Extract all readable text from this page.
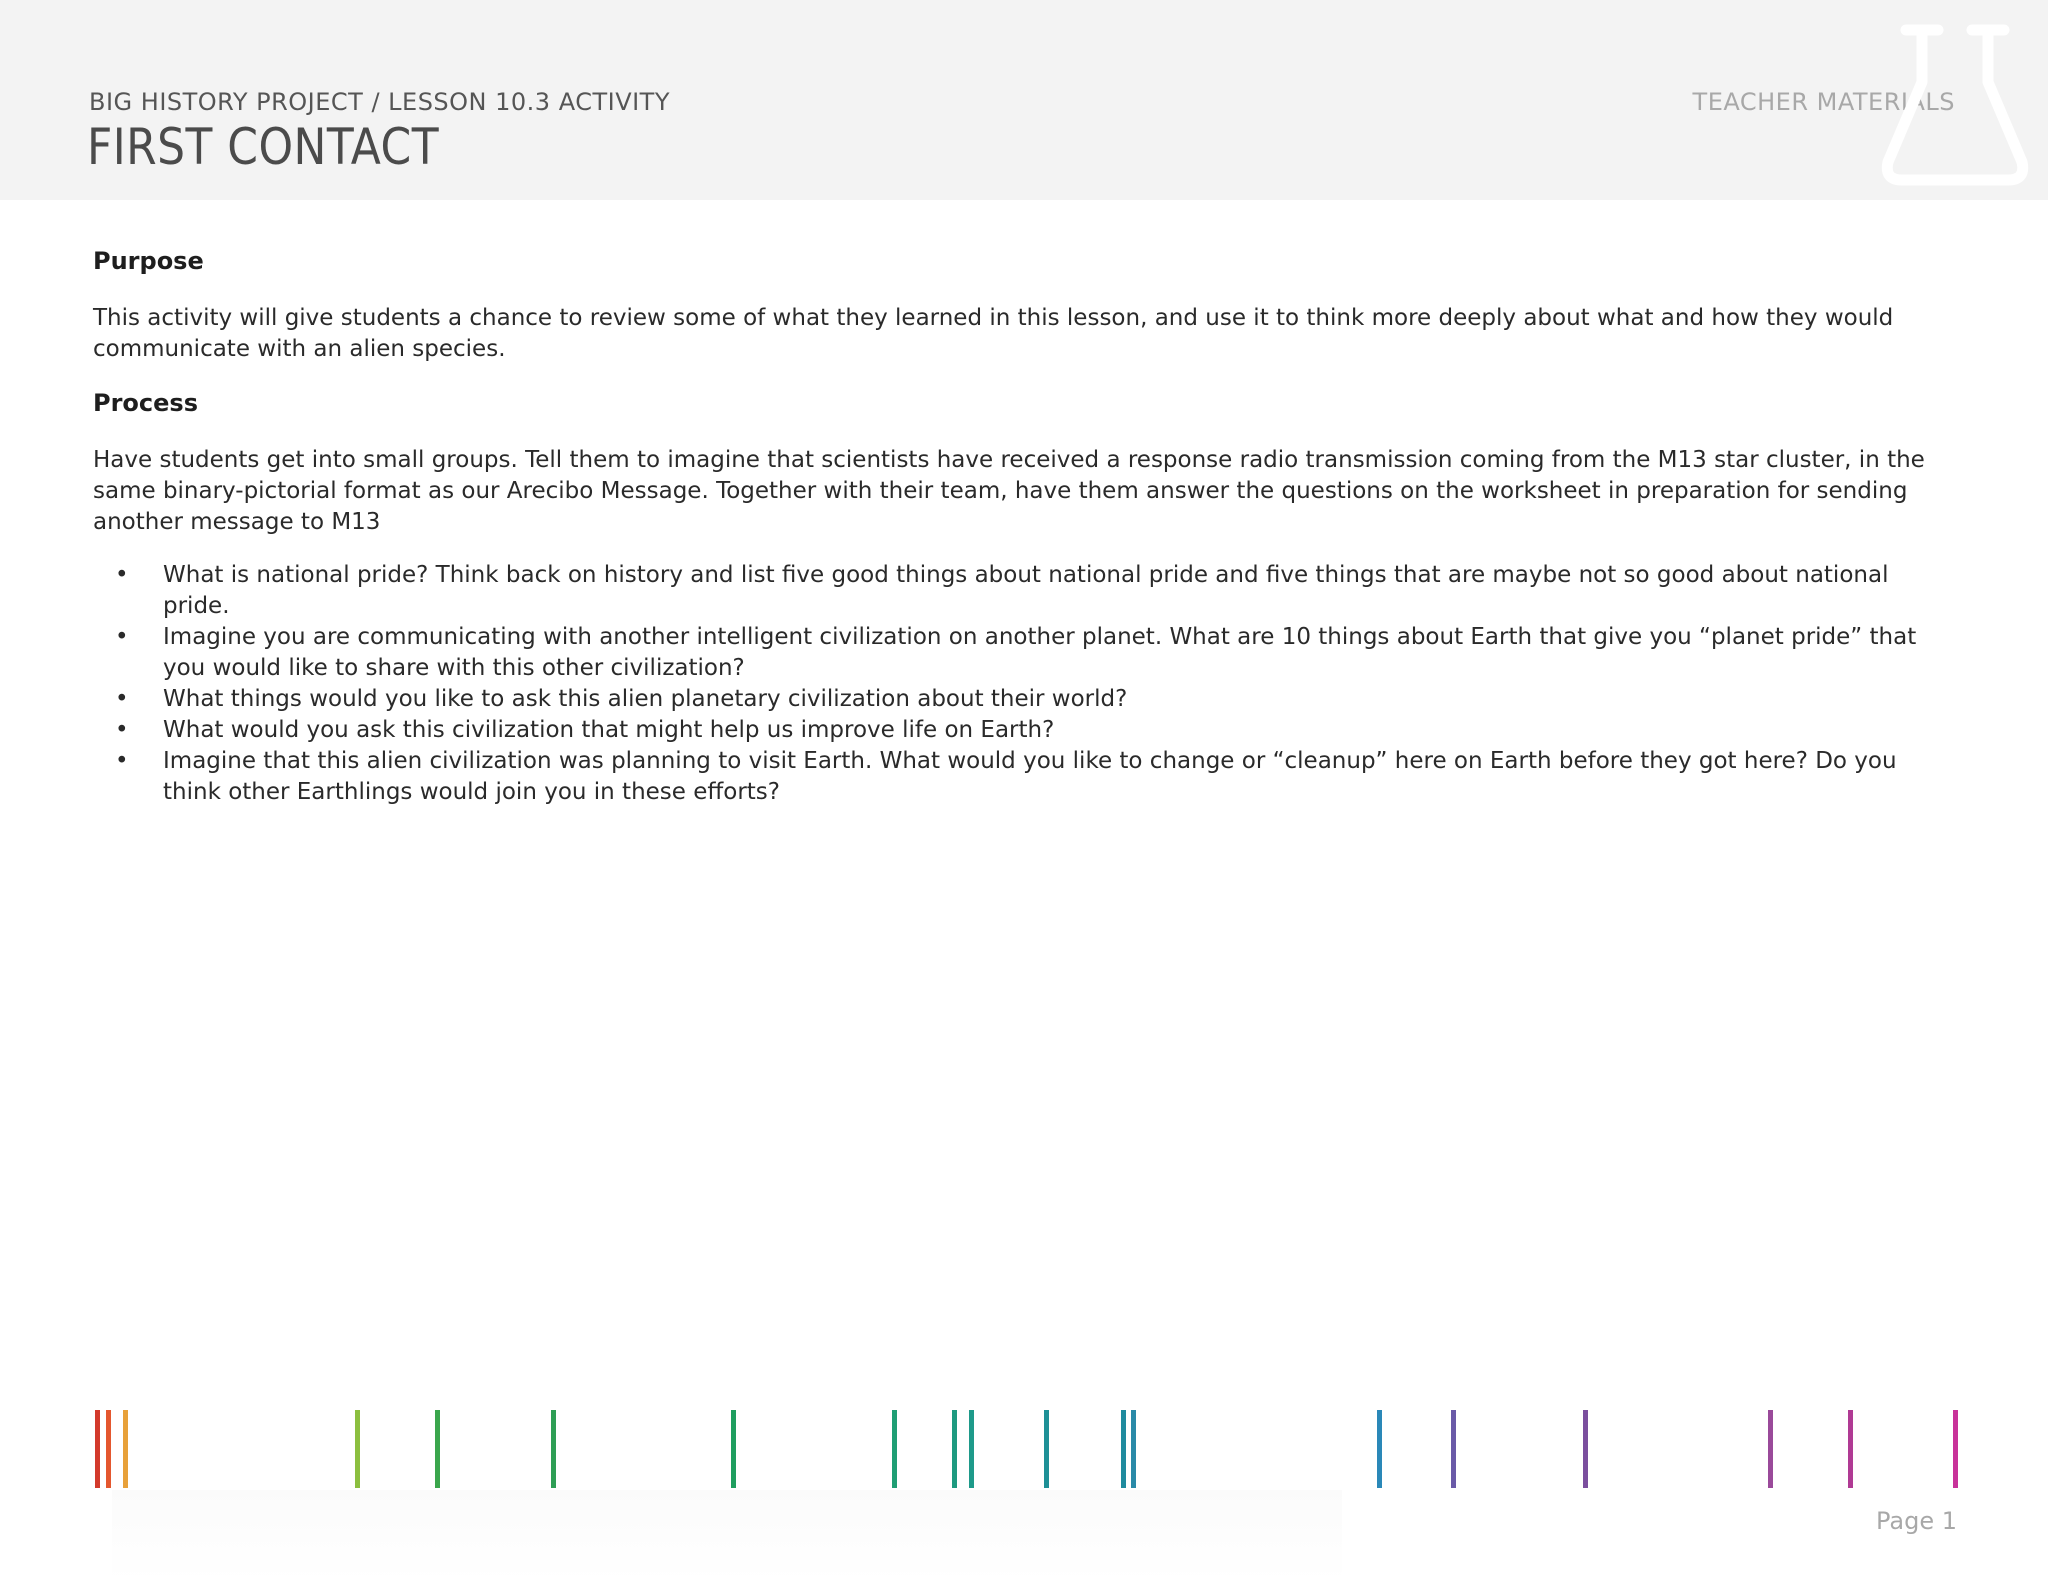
BIG HISTORY PROJECT / LESSON 10.3 ACTIVITY
FIRST CONTACT
TEACHER MATERIALS
Purpose

This activity will give students a chance to review some of what they learned in this lesson, and use it to think more deeply about what and how they would communicate with an alien species.

Process

Have students get into small groups. Tell them to imagine that scientists have received a response radio transmission coming from the M13 star cluster, in the same binary-pictorial format as our Arecibo Message. Together with their team, have them answer the questions on the worksheet in preparation for sending another message to M13

• What is national pride? Think back on history and list five good things about national pride and five things that are maybe not so good about national pride.
• Imagine you are communicating with another intelligent civilization on another planet. What are 10 things about Earth that give you “planet pride” that you would like to share with this other civilization?
• What things would you like to ask this alien planetary civilization about their world?
• What would you ask this civilization that might help us improve life on Earth?
• Imagine that this alien civilization was planning to visit Earth. What would you like to change or “cleanup” here on Earth before they got here? Do you think other Earthlings would join you in these efforts?
Page 1
